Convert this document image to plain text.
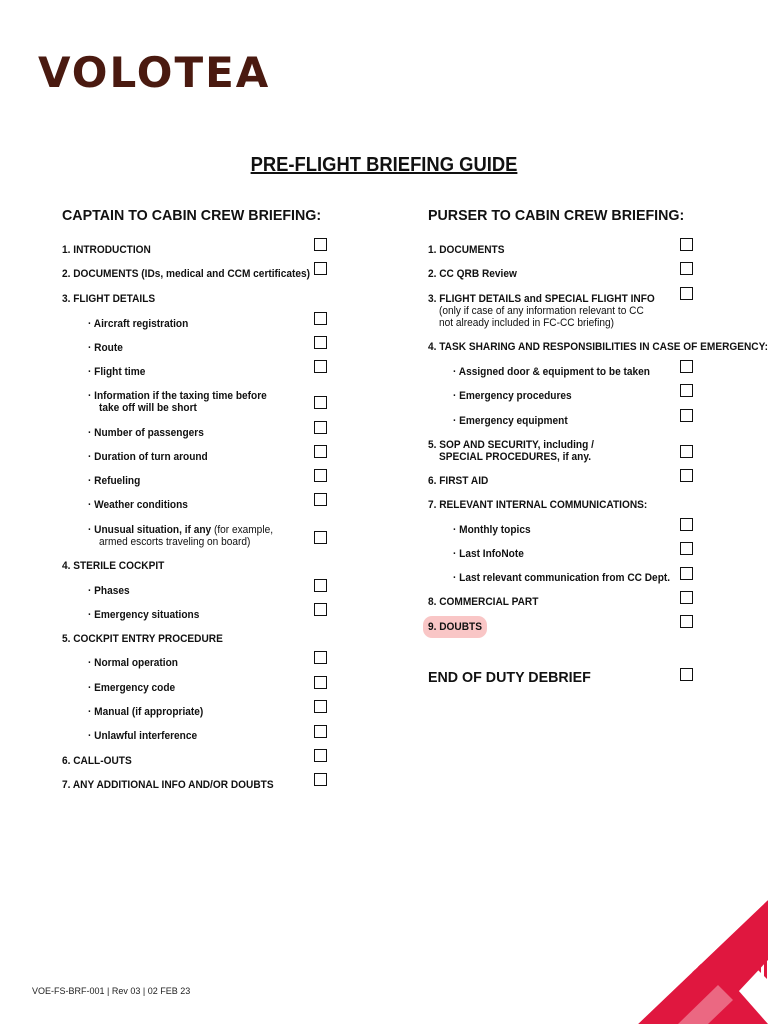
VOLOTEA
PRE-FLIGHT BRIEFING GUIDE
CAPTAIN TO CABIN CREW BRIEFING:
1. INTRODUCTION
2. DOCUMENTS (IDs, medical and CCM certificates)
3. FLIGHT DETAILS
· Aircraft registration
· Route
· Flight time
· Information if the taxing time before
take off will be short
· Number of passengers
· Duration of turn around
· Refueling
· Weather conditions
· Unusual situation, if any (for example,
armed escorts traveling on board)
4. STERILE COCKPIT
· Phases
· Emergency situations
5. COCKPIT ENTRY PROCEDURE
· Normal operation
· Emergency code
· Manual (if appropriate)
· Unlawful interference
6. CALL-OUTS
7. ANY ADDITIONAL INFO AND/OR DOUBTS
PURSER TO CABIN CREW BRIEFING:
1. DOCUMENTS
2. CC QRB Review
3. FLIGHT DETAILS and SPECIAL FLIGHT INFO
(only if case of any information relevant to CC
not already included in FC-CC briefing)
4. TASK SHARING AND RESPONSIBILITIES IN CASE OF EMERGENCY:
· Assigned door & equipment to be taken
· Emergency procedures
· Emergency equipment
5. SOP AND SECURITY, including /
SPECIAL PROCEDURES, if any.
6. FIRST AID
7. RELEVANT INTERNAL COMMUNICATIONS:
· Monthly topics
· Last InfoNote
· Last relevant communication from CC Dept.
8. COMMERCIAL PART
9. DOUBTS
END OF DUTY DEBRIEF
VOE-FS-BRF-001 | Rev 03 | 02 FEB 23
